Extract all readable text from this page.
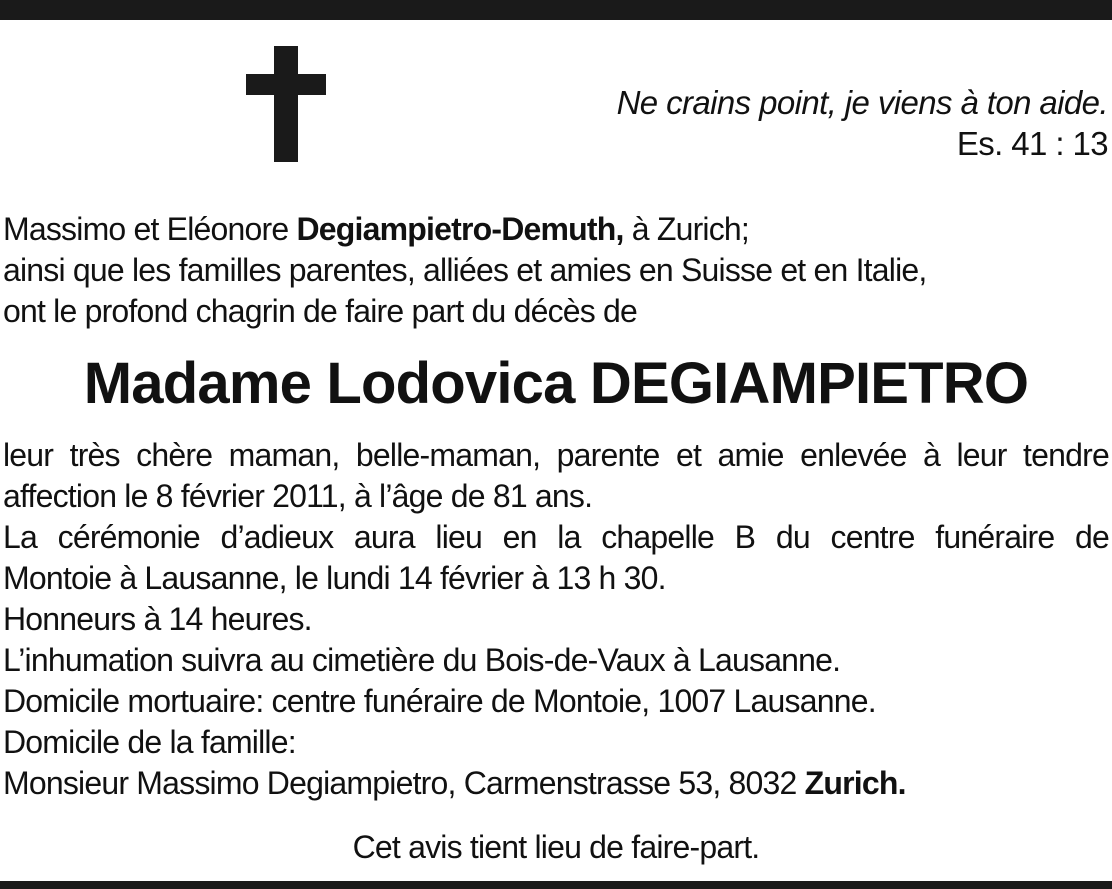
Ne crains point, je viens à ton aide.
Es. 41 : 13
Massimo et Eléonore Degiampietro-Demuth, à Zurich;
ainsi que les familles parentes, alliées et amies en Suisse et en Italie,
ont le profond chagrin de faire part du décès de
Madame Lodovica DEGIAMPIETRO
leur très chère maman, belle-maman, parente et amie enlevée à leur tendre
affection le 8 février 2011, à l’âge de 81 ans.
La cérémonie d’adieux aura lieu en la chapelle B du centre funéraire de
Montoie à Lausanne, le lundi 14 février à 13 h 30.
Honneurs à 14 heures.
L’inhumation suivra au cimetière du Bois-de-Vaux à Lausanne.
Domicile mortuaire: centre funéraire de Montoie, 1007 Lausanne.
Domicile de la famille:
Monsieur Massimo Degiampietro, Carmenstrasse 53, 8032 Zurich.
Cet avis tient lieu de faire-part.
